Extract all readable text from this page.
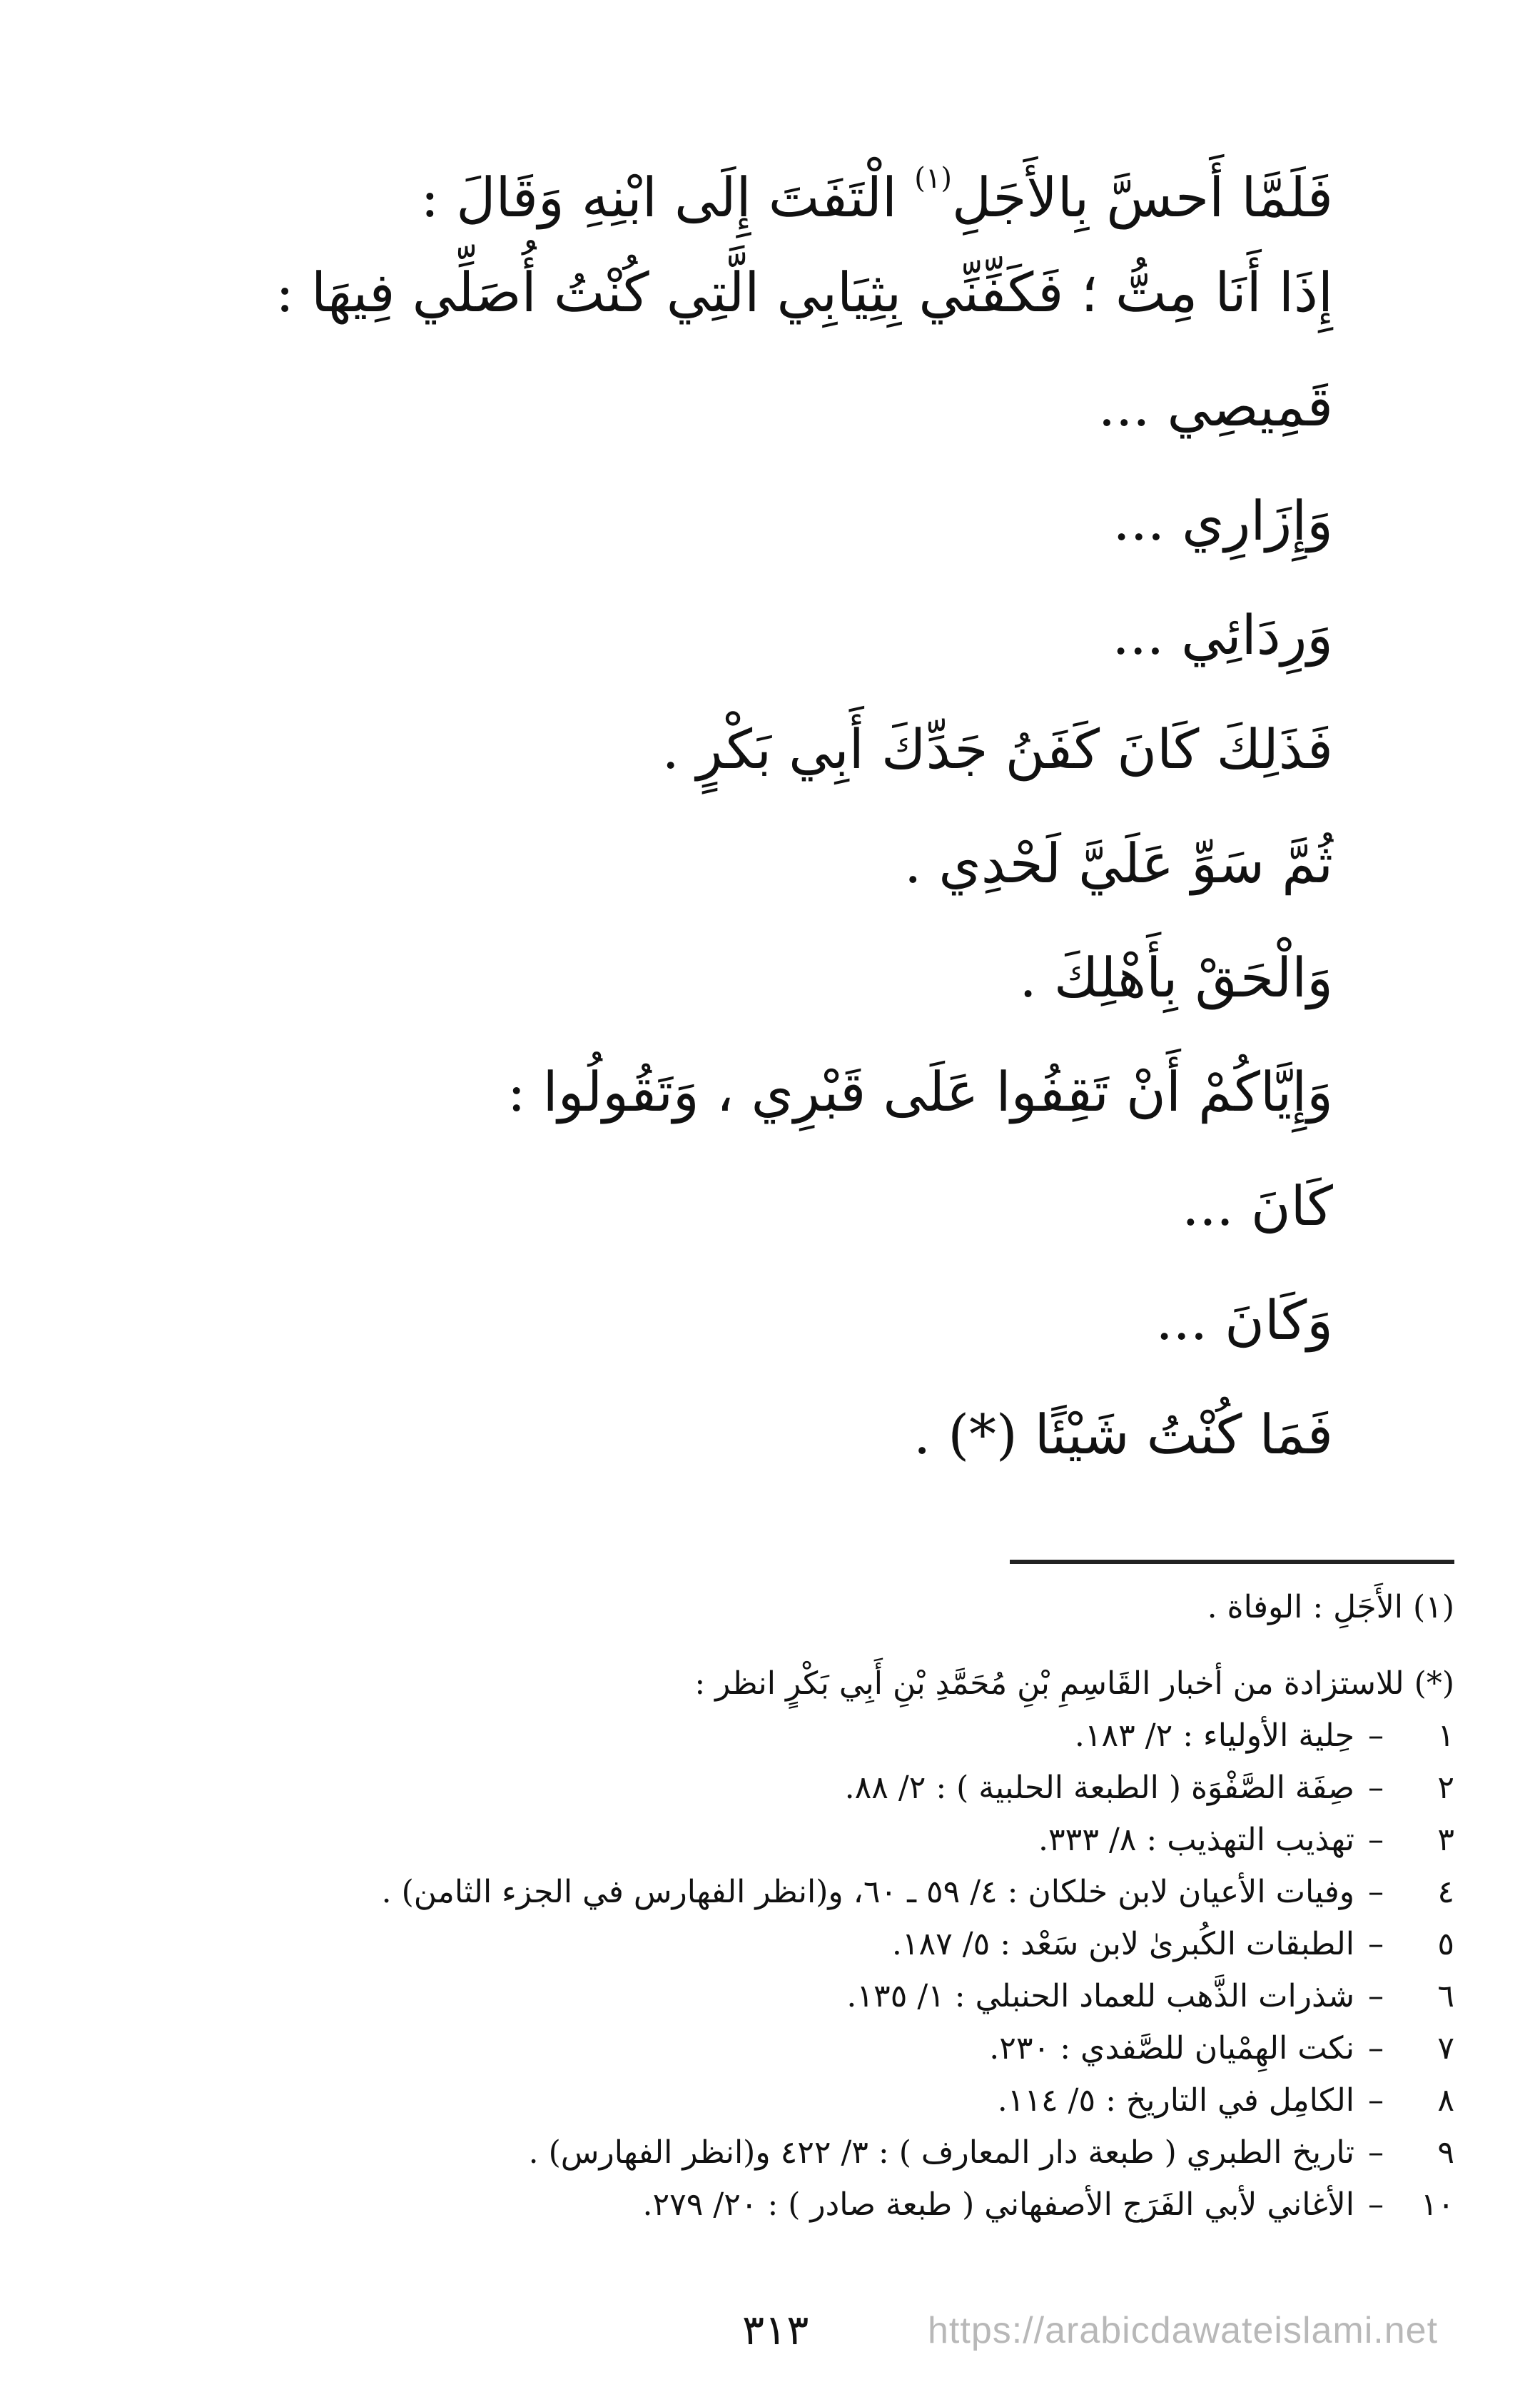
فَلَمَّا أَحسَّ بِالأَجَلِ$^{(١)}$ الْتَفَتَ إِلَى ابْنِهِ وَقَالَ :
إِذَا أَنَا مِتُّ ؛ فَكَفِّنِّي بِثِيَابِي الَّتِي كُنْتُ أُصَلِّي فِيهَا :
قَمِيصِي ...
وَإِزَارِي ...
وَرِدَائِي ...
فَذَلِكَ كَانَ كَفَنُ جَدِّكَ أَبِي بَكْرٍ .
ثُمَّ سَوِّ عَلَيَّ لَحْدِي .
وَالْحَقْ بِأَهْلِكَ .
وَإِيَّاكُمْ أَنْ تَقِفُوا عَلَى قَبْرِي ، وَتَقُولُوا :
كَانَ ...
وَكَانَ ...
فَمَا كُنْتُ شَيْئًا (*) .
(١) الأَجَلِ : الوفاة .
(*) للاستزادة من أخبار القَاسِمِ بْنِ مُحَمَّدِ بْنِ أَبِي بَكْرٍ انظر :
١
–
حِلية الأولياء : ٢/ ١٨٣.
٢
–
صِفَة الصَّفْوَة ( الطبعة الحلبية ) : ٢/ ٨٨.
٣
–
تهذيب التهذيب : ٨/ ٣٣٣.
٤
–
وفيات الأعيان لابن خلكان : ٤/ ٥٩ ـ ٦٠، و(انظر الفهارس في الجزء الثامن) .
٥
–
الطبقات الكُبرىٰ لابن سَعْد : ٥/ ١٨٧.
٦
–
شذرات الذَّهب للعماد الحنبلي : ١/ ١٣٥.
٧
–
نكت الهِمْيان للصَّفدي : ٢٣٠.
٨
–
الكامِل في التاريخ : ٥/ ١١٤.
٩
–
تاريخ الطبري ( طبعة دار المعارف ) : ٣/ ٤٢٢ و(انظر الفهارس) .
١٠
–
الأغاني لأبي الفَرَج الأصفهاني ( طبعة صادر ) : ٢٠/ ٢٧٩.
٣١٣	https://arabicdawateislami.net
